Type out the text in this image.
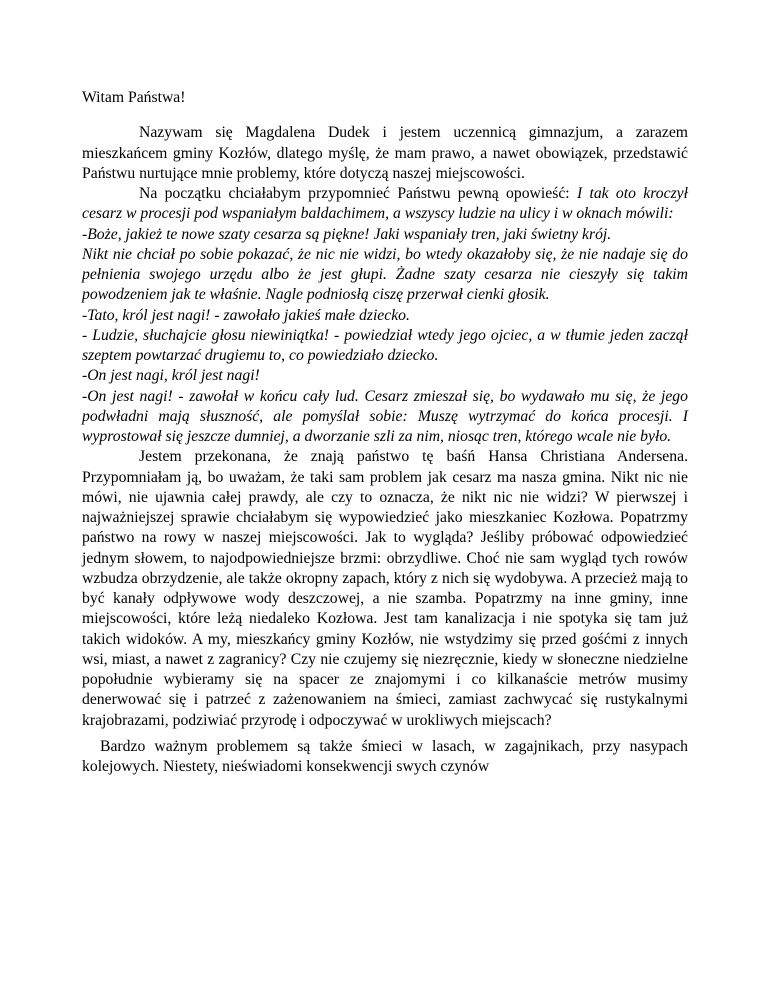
Witam Państwa!

Nazywam się Magdalena Dudek i jestem uczennicą gimnazjum, a zarazem mieszkańcem gminy Kozłów, dlatego myślę, że mam prawo, a nawet obowiązek, przedstawić Państwu nurtujące mnie problemy, które dotyczą naszej miejscowości.

Na początku chciałabym przypomnieć Państwu pewną opowieść: I tak oto kroczył cesarz w procesji pod wspaniałym baldachimem, a wszyscy ludzie na ulicy i w oknach mówili:

-Boże, jakież te nowe szaty cesarza są piękne! Jaki wspaniały tren, jaki świetny krój.

Nikt nie chciał po sobie pokazać, że nic nie widzi, bo wtedy okazałoby się, że nie nadaje się do pełnienia swojego urzędu albo że jest głupi. Żadne szaty cesarza nie cieszyły się takim powodzeniem jak te właśnie. Nagle podniosłą ciszę przerwał cienki głosik.

-Tato, król jest nagi! - zawołało jakieś małe dziecko.

- Ludzie, słuchajcie głosu niewiniątka! - powiedział wtedy jego ojciec, a w tłumie jeden zaczął szeptem powtarzać drugiemu to, co powiedziało dziecko.

-On jest nagi, król jest nagi!

-On jest nagi! - zawołał w końcu cały lud. Cesarz zmieszał się, bo wydawało mu się, że jego podwładni mają słuszność, ale pomyślał sobie: Muszę wytrzymać do końca procesji. I wyprostował się jeszcze dumniej, a dworzanie szli za nim, niosąc tren, którego wcale nie było.

Jestem przekonana, że znają państwo tę baśń Hansa Christiana Andersena. Przypomniałam ją, bo uważam, że taki sam problem jak cesarz ma nasza gmina. Nikt nic nie mówi, nie ujawnia całej prawdy, ale czy to oznacza, że nikt nic nie widzi? W pierwszej i najważniejszej sprawie chciałabym się wypowiedzieć jako mieszkaniec Kozłowa. Popatrzmy państwo na rowy w naszej miejscowości. Jak to wygląda? Jeśliby próbować odpowiedzieć jednym słowem, to najodpowiedniejsze brzmi: obrzydliwe. Choć nie sam wygląd tych rowów wzbudza obrzydzenie, ale także okropny zapach, który z nich się wydobywa. A przecież mają to być kanały odpływowe wody deszczowej, a nie szamba. Popatrzmy na inne gminy, inne miejscowości, które leżą niedaleko Kozłowa. Jest tam kanalizacja i nie spotyka się tam już takich widoków. A my, mieszkańcy gminy Kozłów, nie wstydzimy się przed gośćmi z innych wsi, miast, a nawet z zagranicy? Czy nie czujemy się niezręcznie, kiedy w słoneczne niedzielne popołudnie wybieramy się na spacer ze znajomymi i co kilkanaście metrów musimy denerwować się i patrzeć z zażenowaniem na śmieci, zamiast zachwycać się rustykalnymi krajobrazami, podziwiać przyrodę i odpoczywać w urokliwych miejscach?

Bardzo ważnym problemem są także śmieci w lasach, w zagajnikach, przy nasypach kolejowych. Niestety, nieświadomi konsekwencji swych czynów
